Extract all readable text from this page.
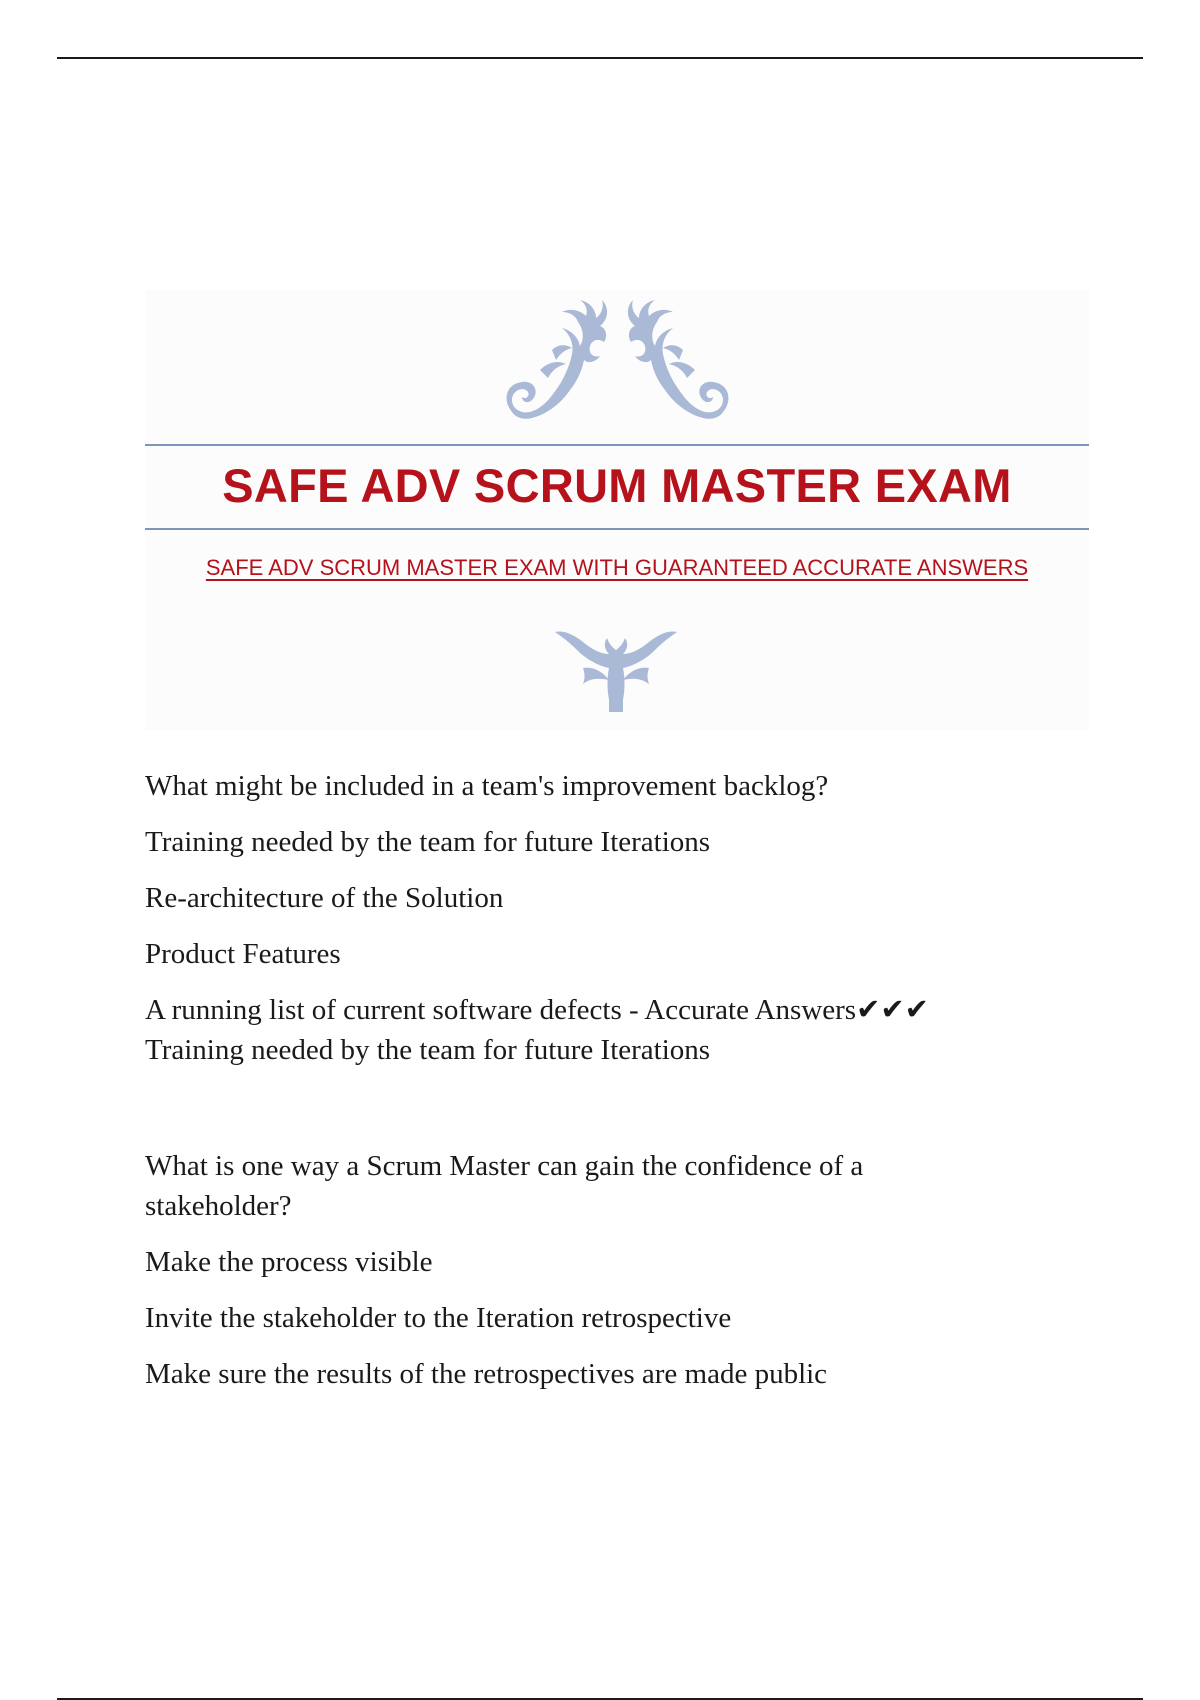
SAFE ADV SCRUM MASTER EXAM

SAFE ADV SCRUM MASTER EXAM WITH GUARANTEED ACCURATE ANSWERS

What might be included in a team's improvement backlog?

Training needed by the team for future Iterations

Re-architecture of the Solution

Product Features

A running list of current software defects - Accurate Answers✔✔✔

Training needed by the team for future Iterations

What is one way a Scrum Master can gain the confidence of a stakeholder?

Make the process visible

Invite the stakeholder to the Iteration retrospective

Make sure the results of the retrospectives are made public
